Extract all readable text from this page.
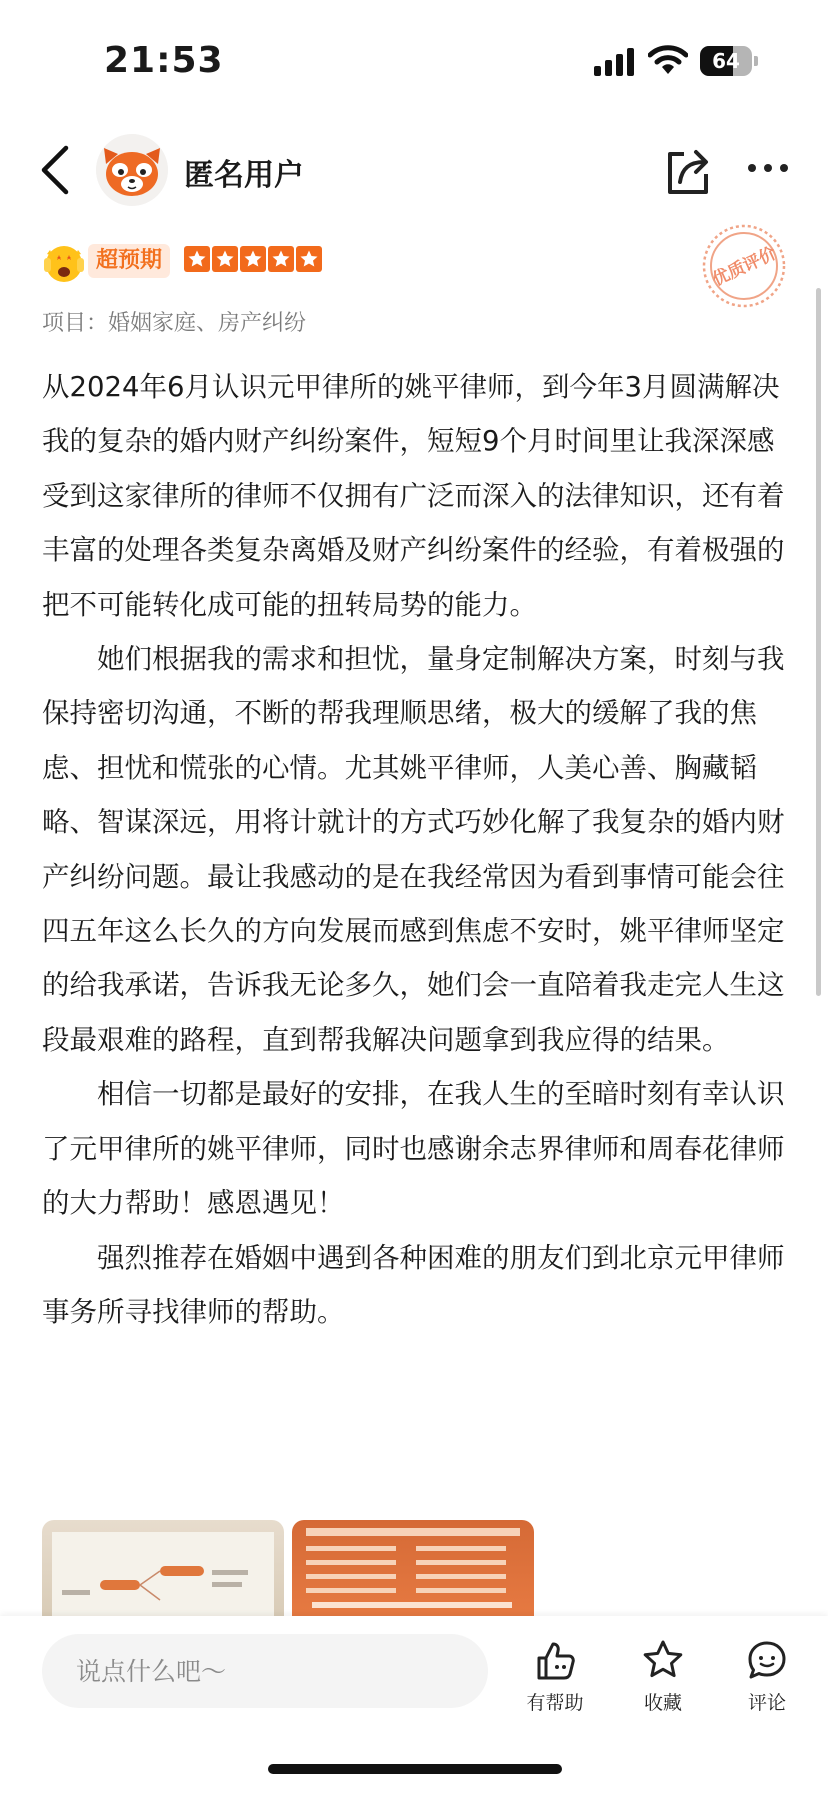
21:53	64
匿名用户
超预期	优质评价
项目：婚姻家庭、房产纠纷

从2024年6月认识元甲律所的姚平律师，到今年3月圆满解决我的复杂的婚内财产纠纷案件，短短9个月时间里让我深深感受到这家律所的律师不仅拥有广泛而深入的法律知识，还有着丰富的处理各类复杂离婚及财产纠纷案件的经验，有着极强的把不可能转化成可能的扭转局势的能力。

她们根据我的需求和担忧，量身定制解决方案，时刻与我保持密切沟通，不断的帮我理顺思绪，极大的缓解了我的焦虑、担忧和慌张的心情。尤其姚平律师，人美心善、胸藏韬略、智谋深远，用将计就计的方式巧妙化解了我复杂的婚内财产纠纷问题。最让我感动的是在我经常因为看到事情可能会往四五年这么长久的方向发展而感到焦虑不安时，姚平律师坚定的给我承诺，告诉我无论多久，她们会一直陪着我走完人生这段最艰难的路程，直到帮我解决问题拿到我应得的结果。

相信一切都是最好的安排，在我人生的至暗时刻有幸认识了元甲律所的姚平律师，同时也感谢余志界律师和周春花律师的大力帮助！感恩遇见！

强烈推荐在婚姻中遇到各种困难的朋友们到北京元甲律师事务所寻找律师的帮助。

说点什么吧～
有帮助	收藏	评论
